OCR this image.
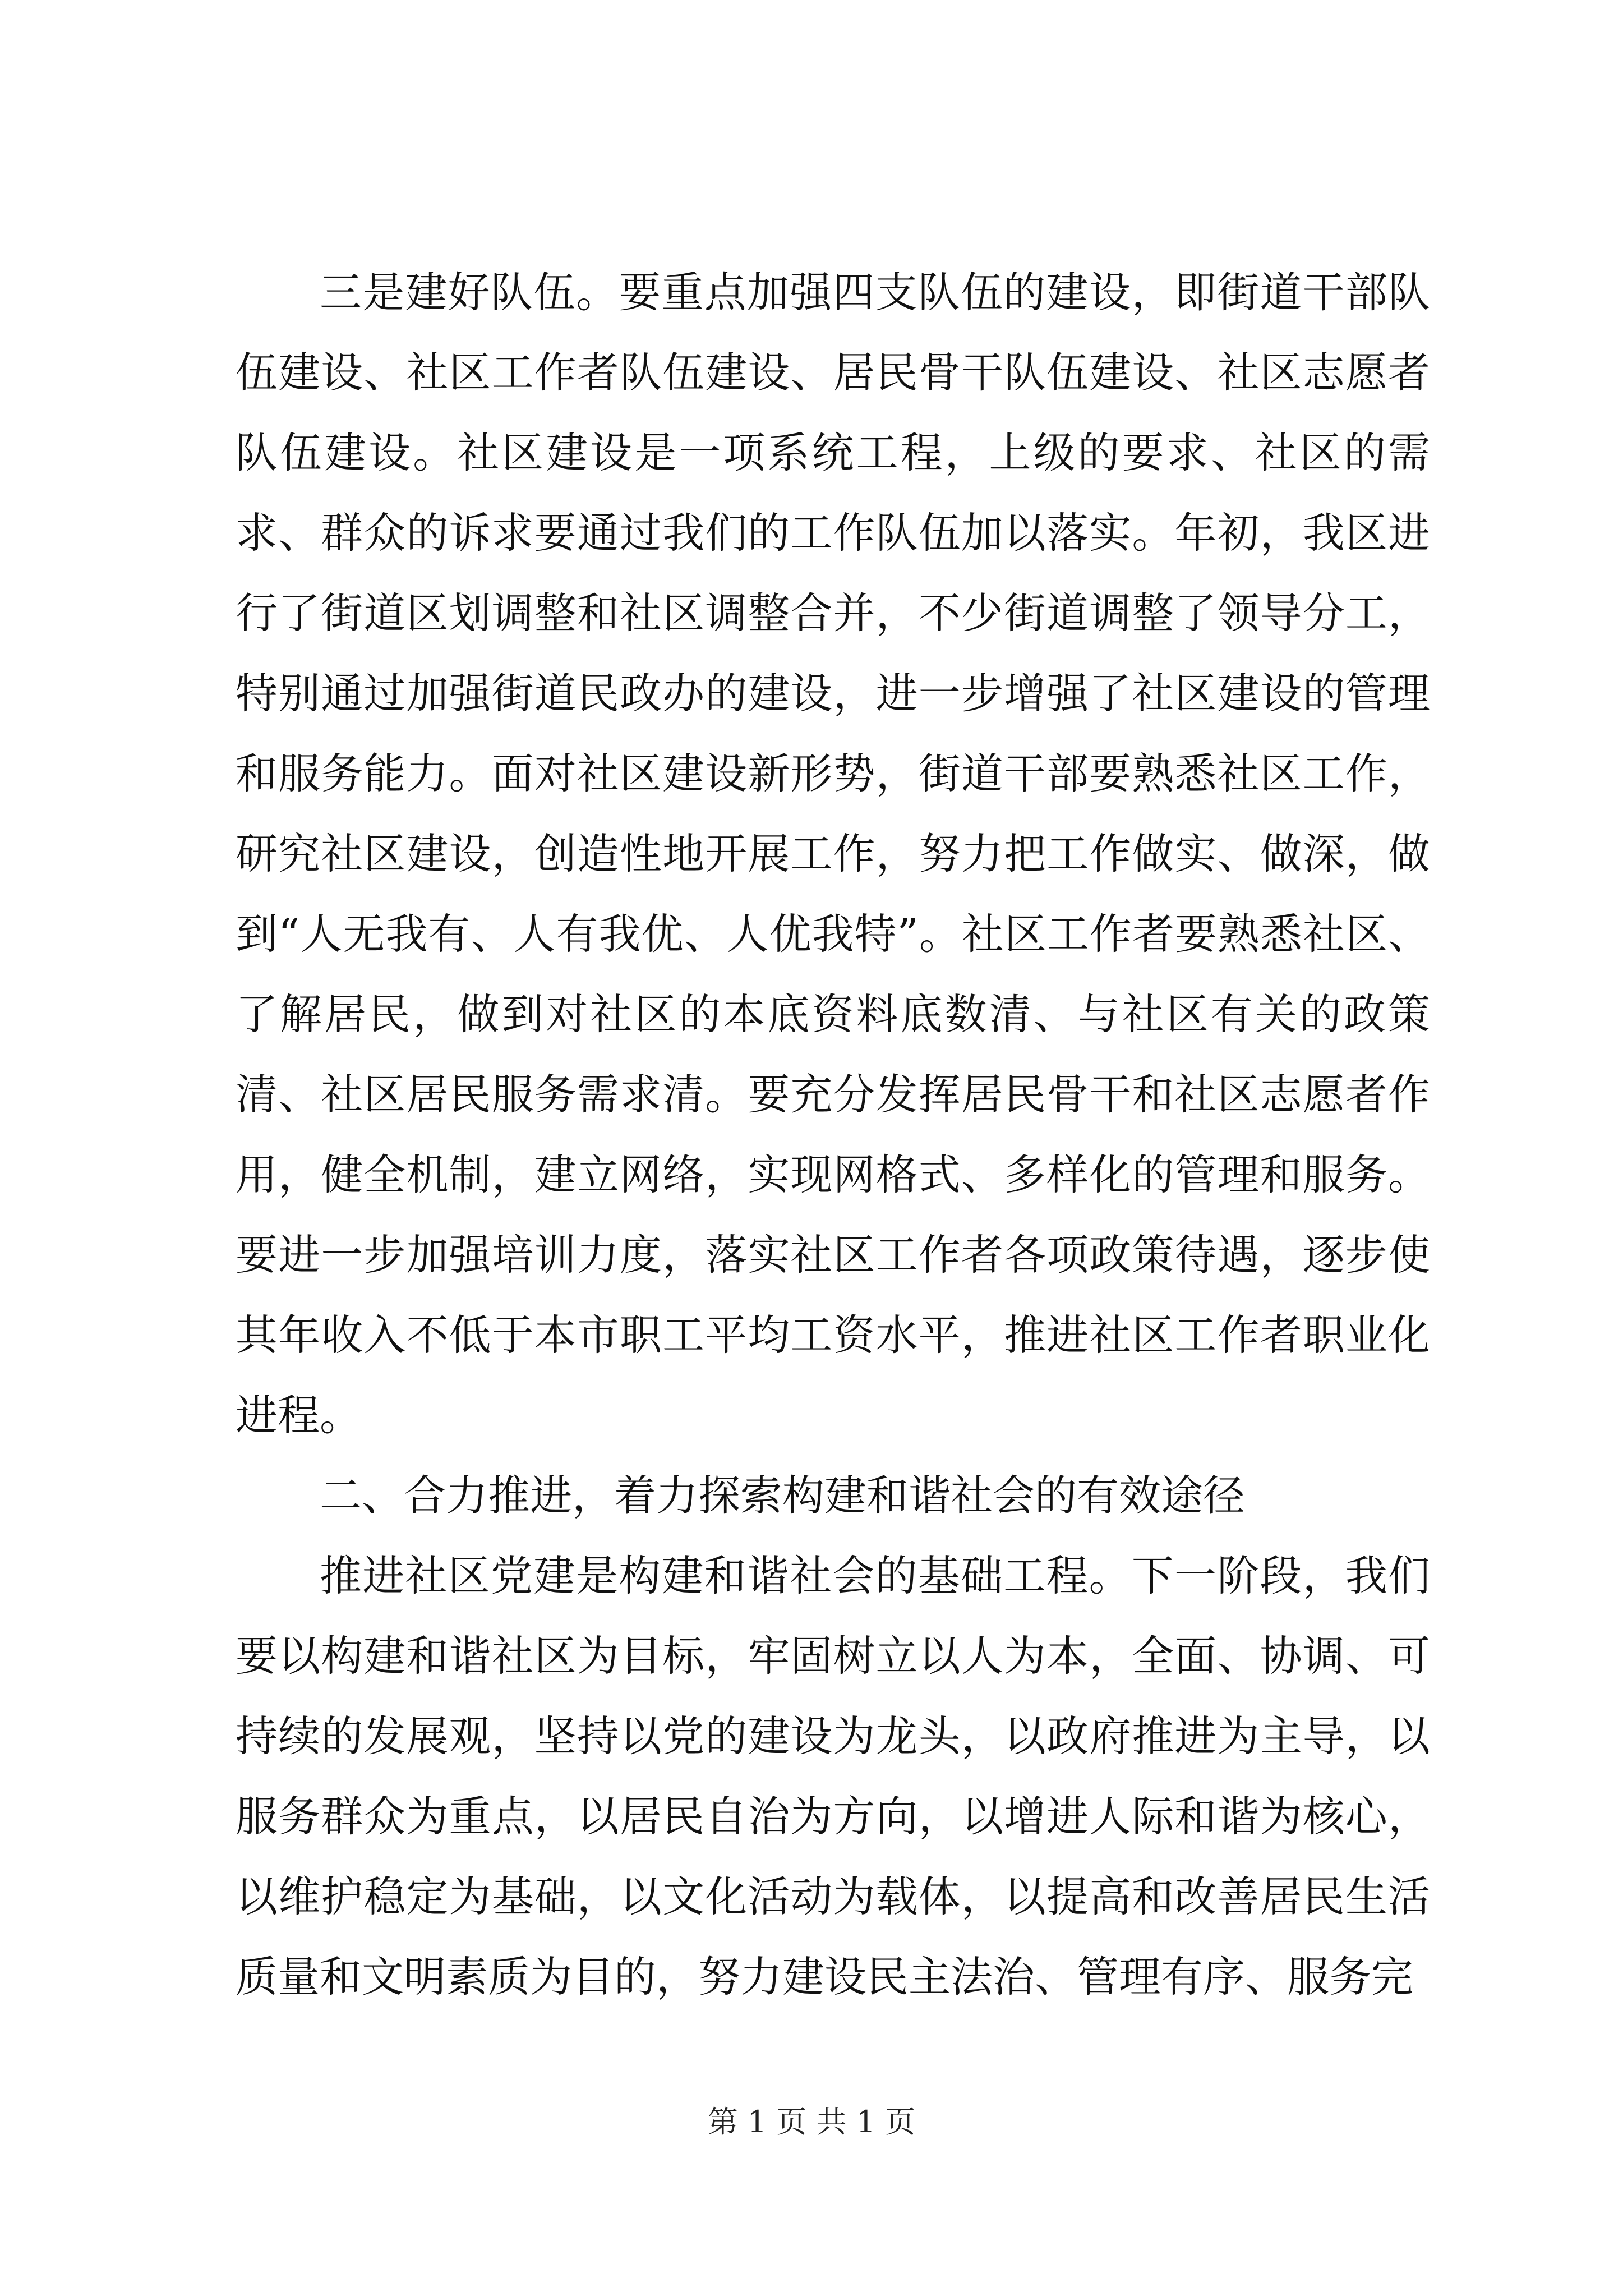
三是建好队伍。要重点加强四支队伍的建设，即街道干部队伍建设、社区工作者队伍建设、居民骨干队伍建设、社区志愿者队伍建设。社区建设是一项系统工程，上级的要求、社区的需求、群众的诉求要通过我们的工作队伍加以落实。年初，我区进行了街道区划调整和社区调整合并，不少街道调整了领导分工，特别通过加强街道民政办的建设，进一步增强了社区建设的管理和服务能力。面对社区建设新形势，街道干部要熟悉社区工作，研究社区建设，创造性地开展工作，努力把工作做实、做深，做到“人无我有、人有我优、人优我特”。社区工作者要熟悉社区、了解居民，做到对社区的本底资料底数清、与社区有关的政策清、社区居民服务需求清。要充分发挥居民骨干和社区志愿者作用，健全机制，建立网络，实现网格式、多样化的管理和服务。要进一步加强培训力度，落实社区工作者各项政策待遇，逐步使其年收入不低于本市职工平均工资水平，推进社区工作者职业化进程。

二、合力推进，着力探索构建和谐社会的有效途径

推进社区党建是构建和谐社会的基础工程。下一阶段，我们要以构建和谐社区为目标，牢固树立以人为本，全面、协调、可持续的发展观，坚持以党的建设为龙头，以政府推进为主导，以服务群众为重点，以居民自治为方向，以增进人际和谐为核心，以维护稳定为基础，以文化活动为载体，以提高和改善居民生活质量和文明素质为目的，努力建设民主法治、管理有序、服务完

第 1 页 共 1 页
